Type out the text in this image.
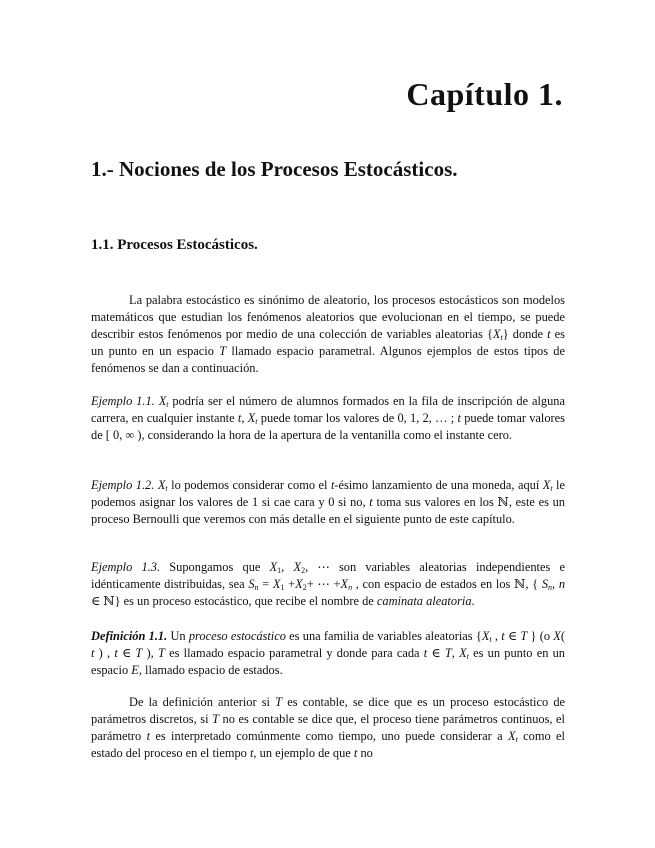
Capítulo 1.
1.- Nociones de los Procesos Estocásticos.
1.1. Procesos Estocásticos.

La palabra estocástico es sinónimo de aleatorio, los procesos estocásticos son modelos matemáticos que estudian los fenómenos aleatorios que evolucionan en el tiempo, se puede describir estos fenómenos por medio de una colección de variables aleatorias $\{X_t\}$ donde t es un punto en un espacio T llamado espacio parametral. Algunos ejemplos de estos tipos de fenómenos se dan a continuación.

Ejemplo 1.1. $X_t$ podría ser el número de alumnos formados en la fila de inscripción de alguna carrera, en cualquier instante t, $X_t$ puede tomar los valores de 0, 1, 2, … ; t puede tomar valores de [ 0, ∞ ), considerando la hora de la apertura de la ventanilla como el instante cero.

Ejemplo 1.2. $X_t$ lo podemos considerar como el t-ésimo lanzamiento de una moneda, aquí $X_t$ le podemos asignar los valores de 1 si cae cara y 0 si no, t toma sus valores en los ℕ, este es un proceso Bernoulli que veremos con más detalle en el siguiente punto de este capítulo.

Ejemplo 1.3. Supongamos que $X_1$, $X_2$, ⋯ son variables aleatorias independientes e idénticamente distribuidas, sea $S_n = X_1 +X_2+$ ⋯ $+X_n$ , con espacio de estados en los ℕ, { $S_n$, n ∈ ℕ} es un proceso estocástico, que recibe el nombre de caminata aleatoria.

Definición 1.1. Un proceso estocástico es una familia de variables aleatorias {$X_t$ , t ∈ T } (o X( t ) , t ∈ T ), T es llamado espacio parametral y donde para cada t ∈ T, $X_t$ es un punto en un espacio E, llamado espacio de estados.

De la definición anterior si T es contable, se dice que es un proceso estocástico de parámetros discretos, si T no es contable se dice que, el proceso tiene parámetros continuos, el parámetro t es interpretado comúnmente como tiempo, uno puede considerar a $X_t$ como el estado del proceso en el tiempo t, un ejemplo de que t no
